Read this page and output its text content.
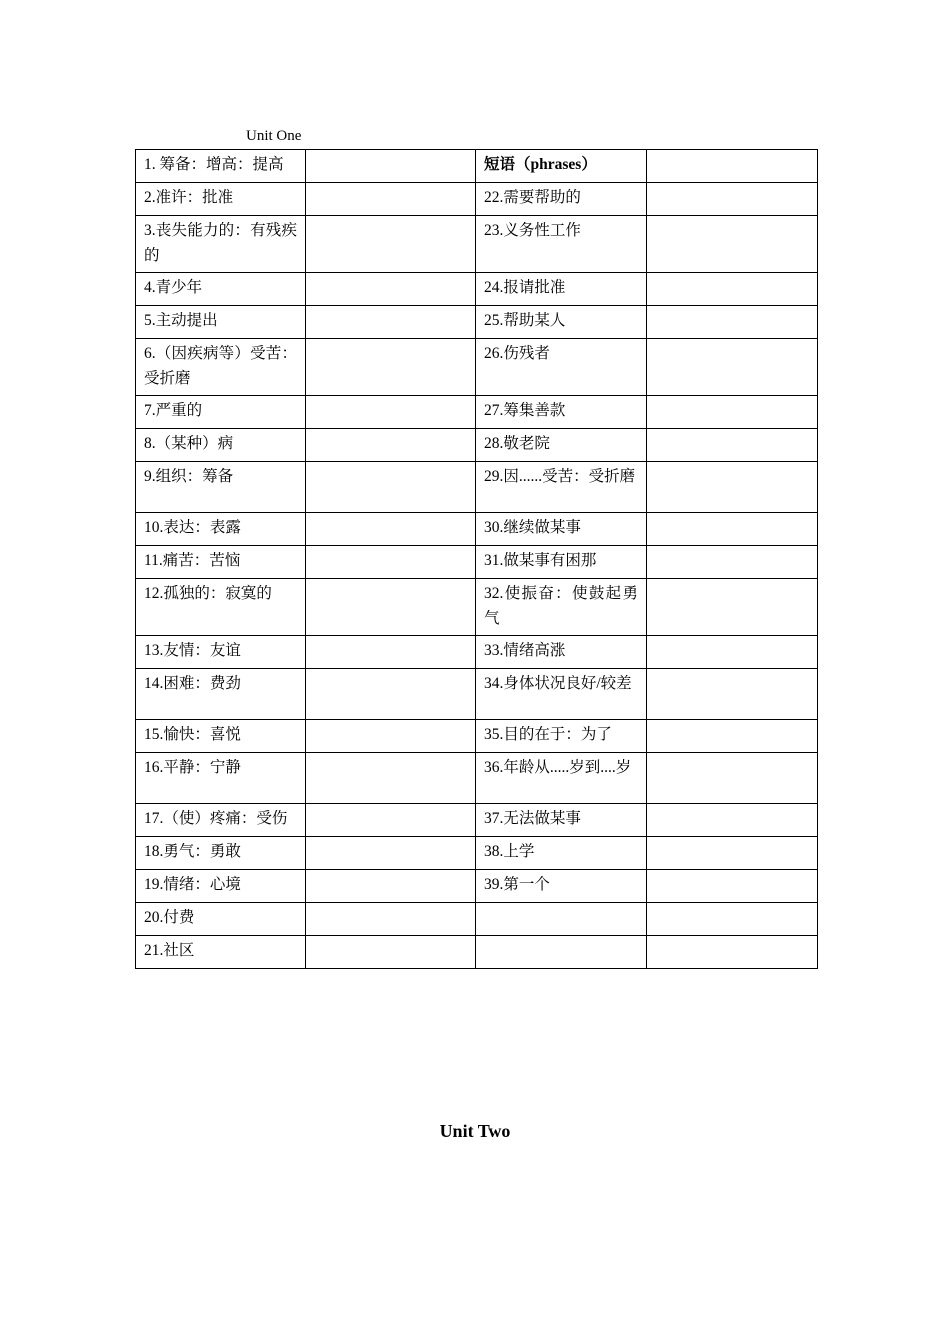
Unit One
1. 筹备：增高：提高		短语（phrases）	
2.准许：批准		22.需要帮助的	
3.丧失能力的：有残疾的		23.义务性工作	
4.青少年		24.报请批准	
5.主动提出		25.帮助某人	
6.（因疾病等）受苦：受折磨		26.伤残者	
7.严重的		27.筹集善款	
8.（某种）病		28.敬老院	
9.组织：筹备		29.因......受苦：受折磨	
10.表达：表露		30.继续做某事	
11.痛苦：苦恼		31.做某事有困那	
12.孤独的：寂寞的		32.使振奋：使鼓起勇气	
13.友情：友谊		33.情绪高涨	
14.困难：费劲		34.身体状况良好/较差	
15.愉快：喜悦		35.目的在于：为了	
16.平静：宁静		36.年龄从.....岁到....岁	
17.（使）疼痛：受伤		37.无法做某事	
18.勇气：勇敢		38.上学	
19.情绪：心境		39.第一个	
20.付费			
21.社区			
Unit Two
